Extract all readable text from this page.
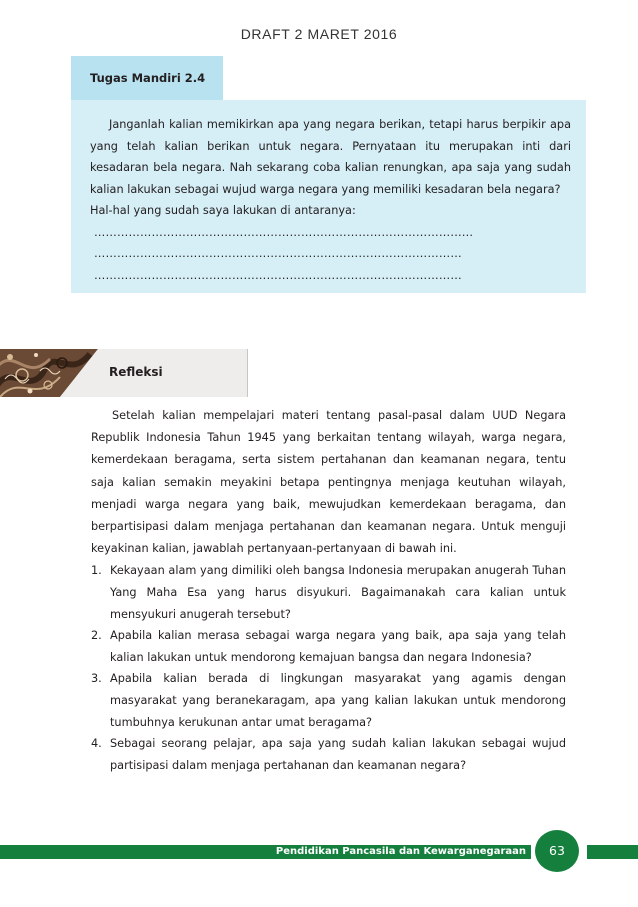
DRAFT 2 MARET 2016
Tugas Mandiri 2.4

Janganlah kalian memikirkan apa yang negara berikan, tetapi harus berpikir apa yang telah kalian berikan untuk negara. Pernyataan itu merupakan inti dari kesadaran bela negara. Nah sekarang coba kalian renungkan, apa saja yang sudah kalian lakukan sebagai wujud warga negara yang memiliki kesadaran bela negara?

Hal-hal yang sudah saya lakukan di antaranya:

…………………………………………………………………………………...…

……………………………………………………………………………………

……………………………………………………………………………………

Refleksi

Setelah kalian mempelajari materi tentang pasal-pasal dalam UUD Negara Republik Indonesia Tahun 1945 yang berkaitan tentang wilayah, warga negara, kemerdekaan beragama, serta sistem pertahanan dan keamanan negara, tentu saja kalian semakin meyakini betapa pentingnya menjaga keutuhan wilayah, menjadi warga negara yang baik, mewujudkan kemerdekaan beragama, dan berpartisipasi dalam menjaga pertahanan dan keamanan negara. Untuk menguji keyakinan kalian, jawablah pertanyaan-pertanyaan di bawah ini.

1. Kekayaan alam yang dimiliki oleh bangsa Indonesia merupakan anugerah Tuhan Yang Maha Esa yang harus disyukuri. Bagaimanakah cara kalian untuk mensyukuri anugerah tersebut?
2. Apabila kalian merasa sebagai warga negara yang baik, apa saja yang telah kalian lakukan untuk mendorong kemajuan bangsa dan negara Indonesia?
3. Apabila kalian berada di lingkungan masyarakat yang agamis dengan masyarakat yang beranekaragam, apa yang kalian lakukan untuk mendorong tumbuhnya kerukunan antar umat beragama?
4. Sebagai seorang pelajar, apa saja yang sudah kalian lakukan sebagai wujud partisipasi dalam menjaga pertahanan dan keamanan negara?
Pendidikan Pancasila dan Kewarganegaraan	63
